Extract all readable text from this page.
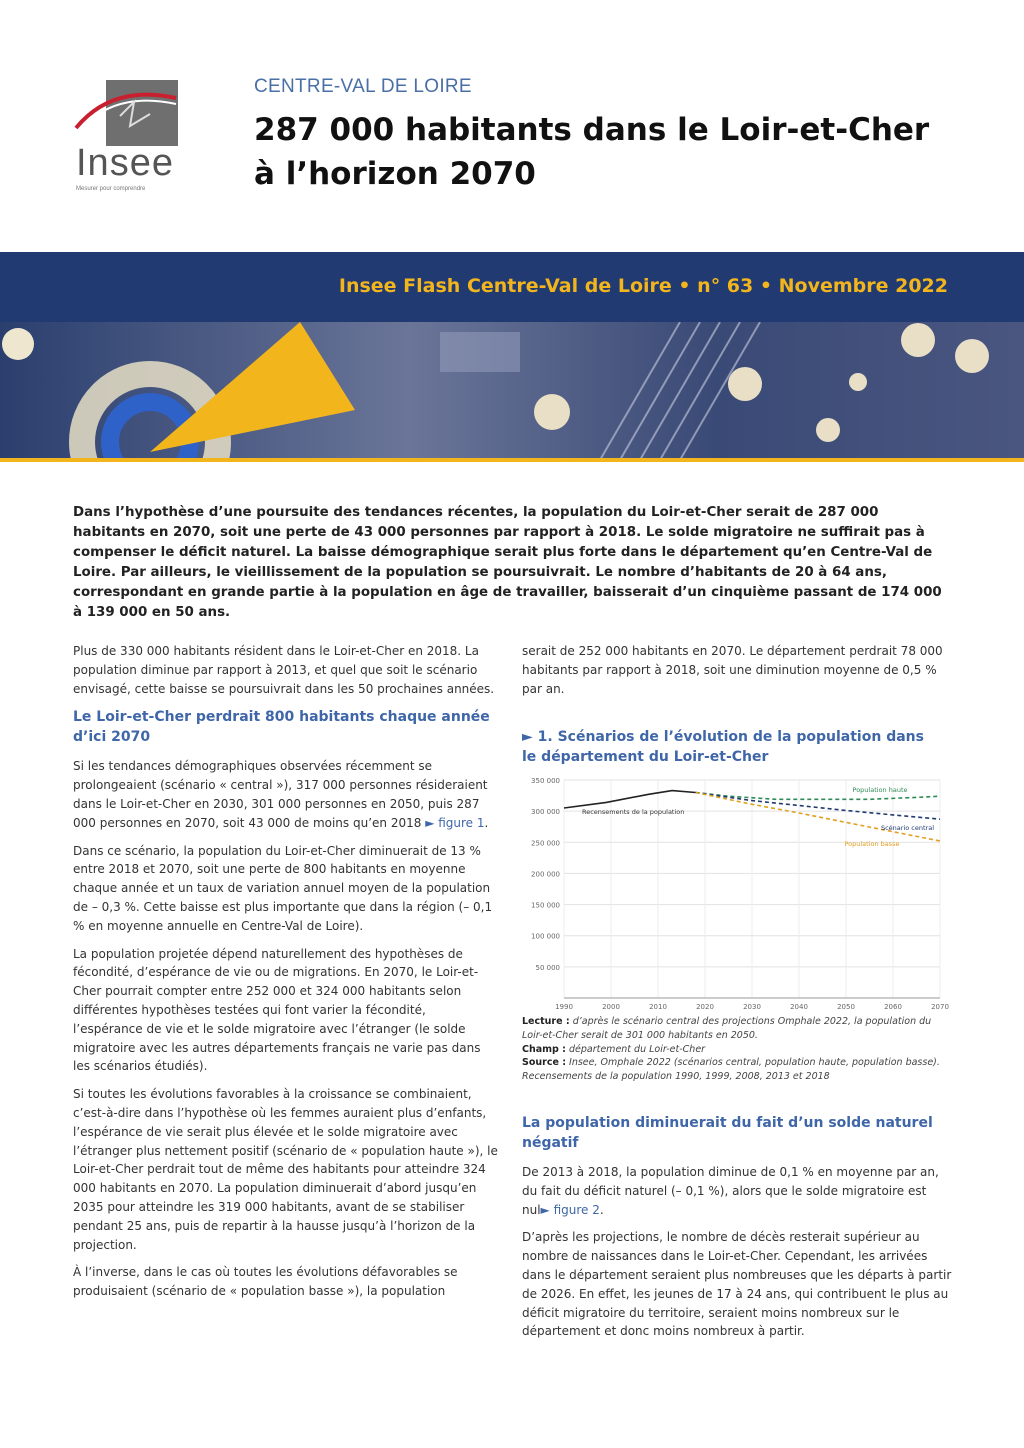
Insee
Mesurer pour comprendre
CENTRE-VAL DE LOIRE
287 000 habitants dans le Loir-et-Cher
à l’horizon 2070
Insee Flash Centre-Val de Loire • n° 63 • Novembre 2022
Dans l’hypothèse d’une poursuite des tendances récentes, la population du Loir-et-Cher serait de 287 000 habitants en 2070, soit une perte de 43 000 personnes par rapport à 2018. Le solde migratoire ne suffirait pas à compenser le déficit naturel. La baisse démographique serait plus forte dans le département qu’en Centre-Val de Loire. Par ailleurs, le vieillissement de la population se poursuivrait. Le nombre d’habitants de 20 à 64 ans, correspondant en grande partie à la population en âge de travailler, baisserait d’un cinquième passant de 174 000 à 139 000 en 50 ans.

Plus de 330 000 habitants résident dans le Loir-et-Cher en 2018. La population diminue par rapport à 2013, et quel que soit le scénario envisagé, cette baisse se poursuivrait dans les 50 prochaines années.

Le Loir-et-Cher perdrait 800 habitants chaque année d’ici 2070

Si les tendances démographiques observées récemment se prolongeaient (scénario « central »), 317 000 personnes résideraient dans le Loir-et-Cher en 2030, 301 000 personnes en 2050, puis 287 000 personnes en 2070, soit 43 000 de moins qu’en 2018 ► figure 1.

Dans ce scénario, la population du Loir-et-Cher diminuerait de 13 % entre 2018 et 2070, soit une perte de 800 habitants en moyenne chaque année et un taux de variation annuel moyen de la population de – 0,3 %. Cette baisse est plus importante que dans la région (– 0,1 % en moyenne annuelle en Centre-Val de Loire).

La population projetée dépend naturellement des hypothèses de fécondité, d’espérance de vie ou de migrations. En 2070, le Loir-et-Cher pourrait compter entre 252 000 et 324 000 habitants selon différentes hypothèses testées qui font varier la fécondité, l’espérance de vie et le solde migratoire avec l’étranger (le solde migratoire avec les autres départements français ne varie pas dans les scénarios étudiés).

Si toutes les évolutions favorables à la croissance se combinaient, c’est-à-dire dans l’hypothèse où les femmes auraient plus d’enfants, l’espérance de vie serait plus élevée et le solde migratoire avec l’étranger plus nettement positif (scénario de « population haute »), le Loir-et-Cher perdrait tout de même des habitants pour atteindre 324 000 habitants en 2070. La population diminuerait d’abord jusqu’en 2035 pour atteindre les 319 000 habitants, avant de se stabiliser pendant 25 ans, puis de repartir à la hausse jusqu’à l’horizon de la projection.

À l’inverse, dans le cas où toutes les évolutions défavorables se produisaient (scénario de « population basse »), la population

serait de 252 000 habitants en 2070. Le département perdrait 78 000 habitants par rapport à 2018, soit une diminution moyenne de 0,5 % par an.

► 1. Scénarios de l’évolution de la population dans le département du Loir-et-Cher
50 000
100 000
150 000
200 000
250 000
300 000
350 000
1990	2000	2010	2020	2030	2040	2050	2060	2070
Recensements de la population
Population haute
Scénario central
Population basse

Lecture : d’après le scénario central des projections Omphale 2022, la population du Loir-et-Cher serait de 301 000 habitants en 2050.

Champ : département du Loir-et-Cher

Source : Insee, Omphale 2022 (scénarios central, population haute, population basse). Recensements de la population 1990, 1999, 2008, 2013 et 2018

La population diminuerait du fait d’un solde naturel négatif

De 2013 à 2018, la population diminue de 0,1 % en moyenne par an, du fait du déficit naturel (– 0,1 %), alors que le solde migratoire est nul► figure 2.

D’après les projections, le nombre de décès resterait supérieur au nombre de naissances dans le Loir-et-Cher. Cependant, les arrivées dans le département seraient plus nombreuses que les départs à partir de 2026. En effet, les jeunes de 17 à 24 ans, qui contribuent le plus au déficit migratoire du territoire, seraient moins nombreux sur le département et donc moins nombreux à partir.
